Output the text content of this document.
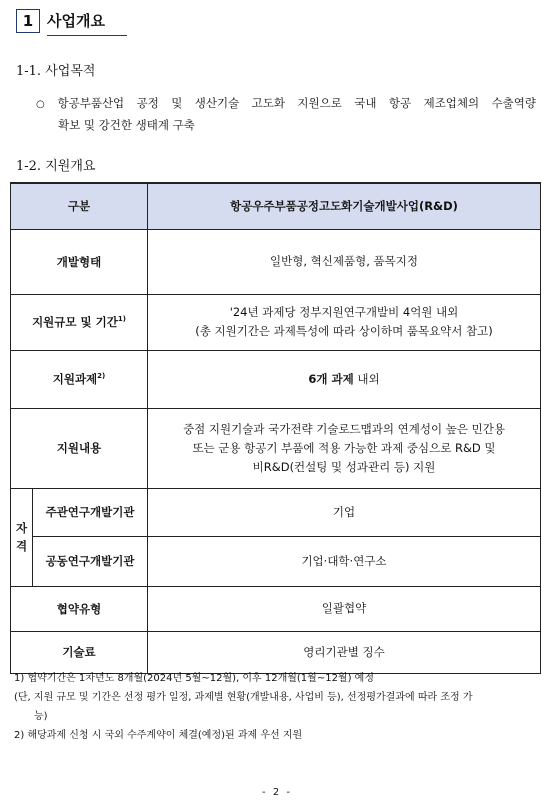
1 사업개요
1-1. 사업목적
○ 항공부품산업 공정 및 생산기술 고도화 지원으로 국내 항공 제조업체의 수출역량
확보 및 강건한 생태계 구축
1-2. 지원개요
구분		항공우주부품공정고도화기술개발사업(R&D)
개발형태		일반형, 혁신제품형, 품목지정
지원규모 및 기간$^{1)}$		'24년 과제당 정부지원연구개발비 4억원 내외
(총 지원기간은 과제특성에 따라 상이하며 품목요약서 참고)

지원과제$^{2)}$		6개 과제 내외
지원내용		중점 지원기술과 국가전략 기술로드맵과의 연계성이 높은 민간용
또는 군용 항공기 부품에 적용 가능한 과제 중심으로 R&D 및
비R&D(컨설팅 및 성과관리 등) 지원

자
격	주관연구개발기관	기업
	공동연구개발기관	기업·대학·연구소
협약유형		일괄협약
기술료		영리기관별 징수
1) 협약기간은 1차년도 8개월(2024년 5월~12월), 이후 12개월(1월~12월) 예정
(단, 지원 규모 및 기간은 선정 평가 일정, 과제별 현황(개발내용, 사업비 등), 선정평가결과에 따라 조정 가
능)
2) 해당과제 신청 시 국외 수주계약이 체결(예정)된 과제 우선 지원
- 2 -
